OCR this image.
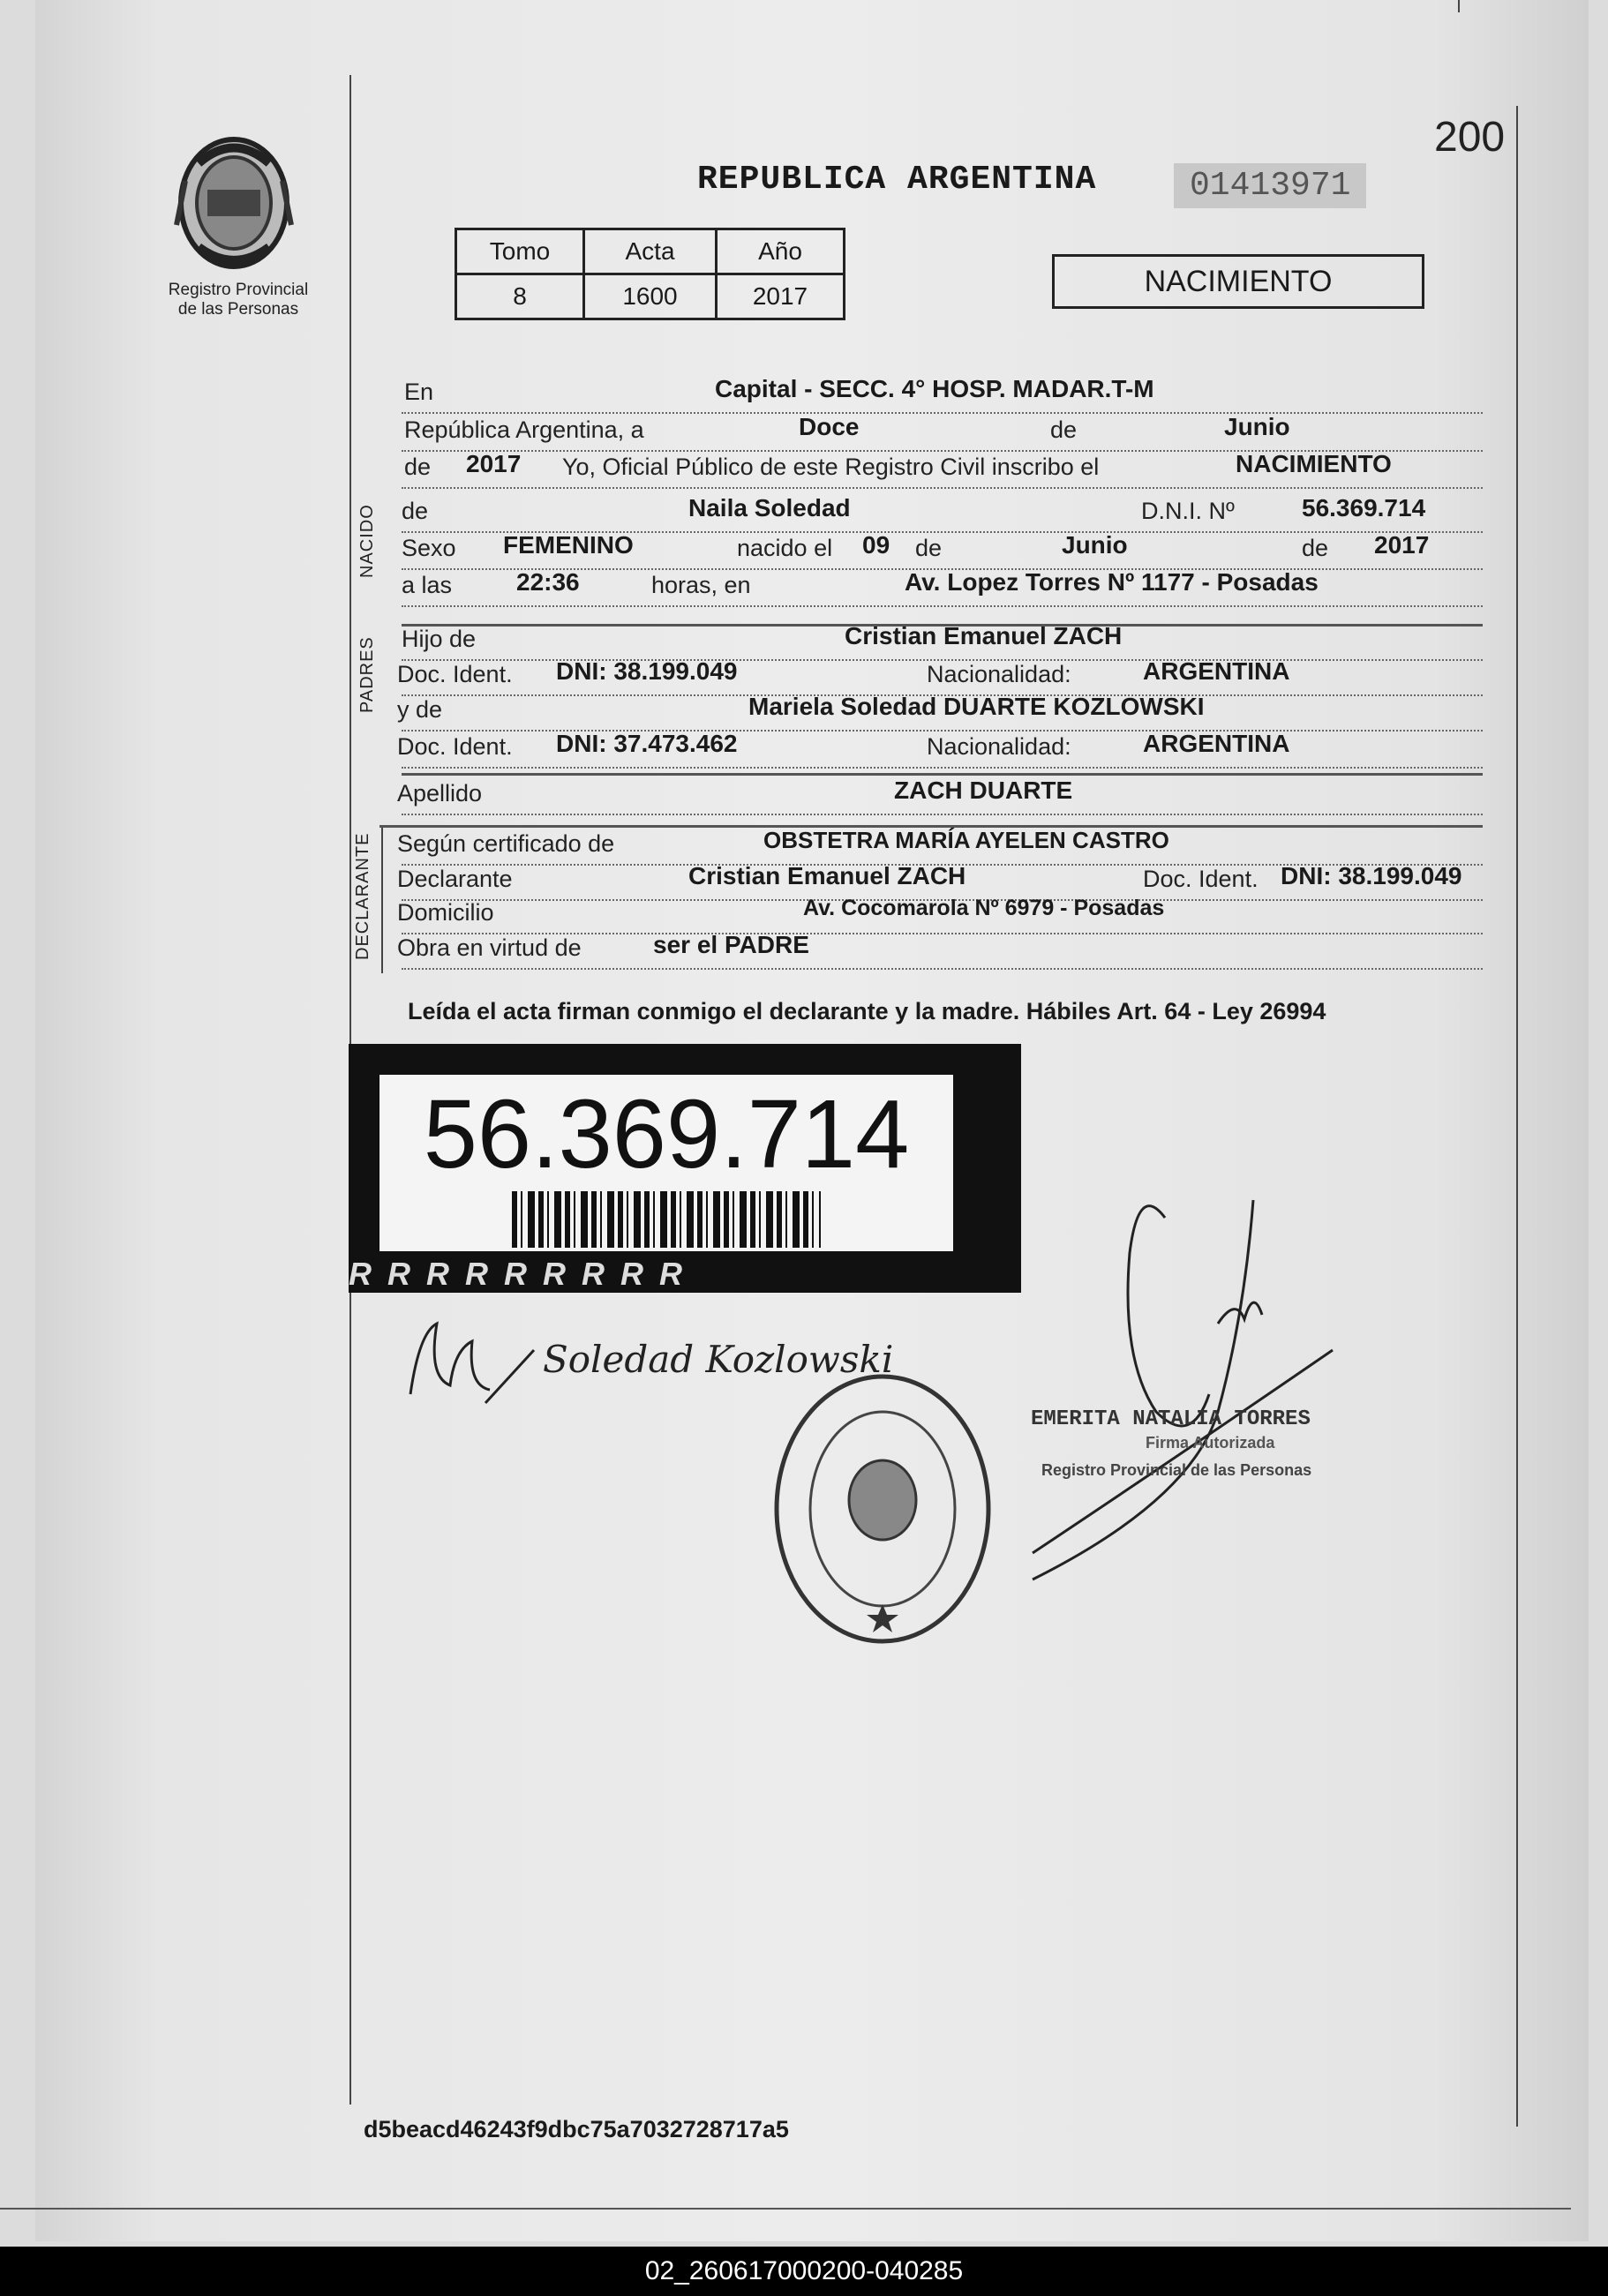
200
Registro Provincial
de las Personas
REPUBLICA ARGENTINA	01413971
Tomo	Acta	Año
8	1600	2017	NACIMIENTO
En	Capital - SECC. 4° HOSP. MADAR.T-M
República Argentina, a	Doce	de	Junio
de 2017 Yo, Oficial Público de este Registro Civil inscribo el	NACIMIENTO
NACIDO de	Naila Soledad	D.N.I. Nº	56.369.714
Sexo FEMENINO	nacido el 09 de	Junio	de 2017
a las	22:36	horas, en	Av. Lopez Torres Nº 1177 - Posadas
PADRES Hijo de	Cristian Emanuel ZACH
Doc. Ident. DNI: 38.199.049	Nacionalidad:	ARGENTINA
y de	Mariela Soledad DUARTE KOZLOWSKI
Doc. Ident. DNI: 37.473.462	Nacionalidad:	ARGENTINA
Apellido	ZACH DUARTE
DECLARANTE Según certificado de	OBSTETRA MARÍA AYELEN CASTRO
Declarante	Cristian Emanuel ZACH	Doc. Ident. DNI: 38.199.049
Domicilio	Av. Cocomarola Nº 6979 - Posadas
Obra en virtud de	ser el PADRE
Leída el acta firman conmigo el declarante y la madre. Hábiles Art. 64 - Ley 26994
56.369.714
RRRRRRRRR
Soledad Kozlowski
EMERITA NATALIA TORRES
Firma Autorizada
Registro Provincial de las Personas
d5beacd46243f9dbc75a7032728717a5
02_260617000200-040285
